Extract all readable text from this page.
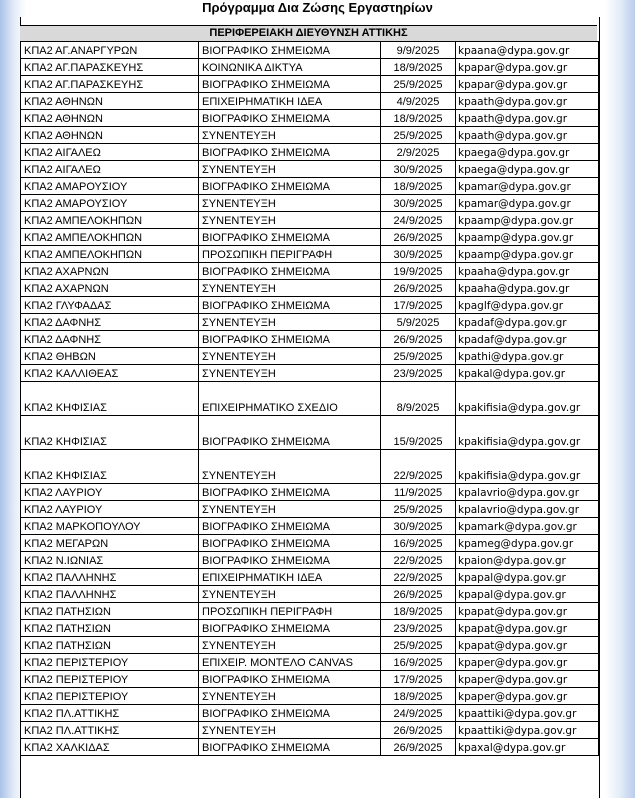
Πρόγραμμα Δια Ζώσης Εργαστηρίων
ΠΕΡΙΦΕΡΕΙΑΚΗ ΔΙΕΥΘΥΝΣΗ ΑΤΤΙΚΗΣ
ΚΠΑ2 ΑΓ.ΑΝΑΡΓΥΡΩΝ	ΒΙΟΓΡΑΦΙΚΟ ΣΗΜΕΙΩΜΑ	9/9/2025	kpaana@dypa.gov.gr
ΚΠΑ2 ΑΓ.ΠΑΡΑΣΚΕΥΗΣ	ΚΟΙΝΩΝΙΚΑ ΔΙΚΤΥΑ	18/9/2025	kpapar@dypa.gov.gr
ΚΠΑ2 ΑΓ.ΠΑΡΑΣΚΕΥΗΣ	ΒΙΟΓΡΑΦΙΚΟ ΣΗΜΕΙΩΜΑ	25/9/2025	kpapar@dypa.gov.gr
ΚΠΑ2 ΑΘΗΝΩΝ	ΕΠΙΧΕΙΡΗΜΑΤΙΚΗ ΙΔΕΑ	4/9/2025	kpaath@dypa.gov.gr
ΚΠΑ2 ΑΘΗΝΩΝ	ΒΙΟΓΡΑΦΙΚΟ ΣΗΜΕΙΩΜΑ	18/9/2025	kpaath@dypa.gov.gr
ΚΠΑ2 ΑΘΗΝΩΝ	ΣΥΝΕΝΤΕΥΞΗ	25/9/2025	kpaath@dypa.gov.gr
ΚΠΑ2 ΑΙΓΑΛΕΩ	ΒΙΟΓΡΑΦΙΚΟ ΣΗΜΕΙΩΜΑ	2/9/2025	kpaega@dypa.gov.gr
ΚΠΑ2 ΑΙΓΑΛΕΩ	ΣΥΝΕΝΤΕΥΞΗ	30/9/2025	kpaega@dypa.gov.gr
ΚΠΑ2 ΑΜΑΡΟΥΣΙΟΥ	ΒΙΟΓΡΑΦΙΚΟ ΣΗΜΕΙΩΜΑ	18/9/2025	kpamar@dypa.gov.gr
ΚΠΑ2 ΑΜΑΡΟΥΣΙΟΥ	ΣΥΝΕΝΤΕΥΞΗ	30/9/2025	kpamar@dypa.gov.gr
ΚΠΑ2 ΑΜΠΕΛΟΚΗΠΩΝ	ΣΥΝΕΝΤΕΥΞΗ	24/9/2025	kpaamp@dypa.gov.gr
ΚΠΑ2 ΑΜΠΕΛΟΚΗΠΩΝ	ΒΙΟΓΡΑΦΙΚΟ ΣΗΜΕΙΩΜΑ	26/9/2025	kpaamp@dypa.gov.gr
ΚΠΑ2 ΑΜΠΕΛΟΚΗΠΩΝ	ΠΡΟΣΩΠΙΚΗ ΠΕΡΙΓΡΑΦΗ	30/9/2025	kpaamp@dypa.gov.gr
ΚΠΑ2 ΑΧΑΡΝΩΝ	ΒΙΟΓΡΑΦΙΚΟ ΣΗΜΕΙΩΜΑ	19/9/2025	kpaaha@dypa.gov.gr
ΚΠΑ2 ΑΧΑΡΝΩΝ	ΣΥΝΕΝΤΕΥΞΗ	26/9/2025	kpaaha@dypa.gov.gr
ΚΠΑ2 ΓΛΥΦΑΔΑΣ	ΒΙΟΓΡΑΦΙΚΟ ΣΗΜΕΙΩΜΑ	17/9/2025	kpaglf@dypa.gov.gr
ΚΠΑ2 ΔΑΦΝΗΣ	ΣΥΝΕΝΤΕΥΞΗ	5/9/2025	kpadaf@dypa.gov.gr
ΚΠΑ2 ΔΑΦΝΗΣ	ΒΙΟΓΡΑΦΙΚΟ ΣΗΜΕΙΩΜΑ	26/9/2025	kpadaf@dypa.gov.gr
ΚΠΑ2 ΘΗΒΩΝ	ΣΥΝΕΝΤΕΥΞΗ	25/9/2025	kpathi@dypa.gov.gr
ΚΠΑ2 ΚΑΛΛΙΘΕΑΣ	ΣΥΝΕΝΤΕΥΞΗ	23/9/2025	kpakal@dypa.gov.gr
ΚΠΑ2 ΚΗΦΙΣΙΑΣ	ΕΠΙΧΕΙΡΗΜΑΤΙΚΟ ΣΧΕΔΙΟ	8/9/2025	kpakifisia@dypa.gov.gr
ΚΠΑ2 ΚΗΦΙΣΙΑΣ	ΒΙΟΓΡΑΦΙΚΟ ΣΗΜΕΙΩΜΑ	15/9/2025	kpakifisia@dypa.gov.gr
ΚΠΑ2 ΚΗΦΙΣΙΑΣ	ΣΥΝΕΝΤΕΥΞΗ	22/9/2025	kpakifisia@dypa.gov.gr
ΚΠΑ2 ΛΑΥΡΙΟΥ	ΒΙΟΓΡΑΦΙΚΟ ΣΗΜΕΙΩΜΑ	11/9/2025	kpalavrio@dypa.gov.gr
ΚΠΑ2 ΛΑΥΡΙΟΥ	ΣΥΝΕΝΤΕΥΞΗ	25/9/2025	kpalavrio@dypa.gov.gr
ΚΠΑ2 ΜΑΡΚΟΠΟΥΛΟΥ	ΒΙΟΓΡΑΦΙΚΟ ΣΗΜΕΙΩΜΑ	30/9/2025	kpamark@dypa.gov.gr
ΚΠΑ2 ΜΕΓΑΡΩΝ	ΒΙΟΓΡΑΦΙΚΟ ΣΗΜΕΙΩΜΑ	16/9/2025	kpameg@dypa.gov.gr
ΚΠΑ2 Ν.ΙΩΝΙΑΣ	ΒΙΟΓΡΑΦΙΚΟ ΣΗΜΕΙΩΜΑ	22/9/2025	kpaion@dypa.gov.gr
ΚΠΑ2 ΠΑΛΛΗΝΗΣ	ΕΠΙΧΕΙΡΗΜΑΤΙΚΗ ΙΔΕΑ	22/9/2025	kpapal@dypa.gov.gr
ΚΠΑ2 ΠΑΛΛΗΝΗΣ	ΣΥΝΕΝΤΕΥΞΗ	26/9/2025	kpapal@dypa.gov.gr
ΚΠΑ2 ΠΑΤΗΣΙΩΝ	ΠΡΟΣΩΠΙΚΗ ΠΕΡΙΓΡΑΦΗ	18/9/2025	kpapat@dypa.gov.gr
ΚΠΑ2 ΠΑΤΗΣΙΩΝ	ΒΙΟΓΡΑΦΙΚΟ ΣΗΜΕΙΩΜΑ	23/9/2025	kpapat@dypa.gov.gr
ΚΠΑ2 ΠΑΤΗΣΙΩΝ	ΣΥΝΕΝΤΕΥΞΗ	25/9/2025	kpapat@dypa.gov.gr
ΚΠΑ2 ΠΕΡΙΣΤΕΡΙΟΥ	ΕΠΙΧΕΙΡ. ΜΟΝΤΕΛΟ CANVAS	16/9/2025	kpaper@dypa.gov.gr
ΚΠΑ2 ΠΕΡΙΣΤΕΡΙΟΥ	ΒΙΟΓΡΑΦΙΚΟ ΣΗΜΕΙΩΜΑ	17/9/2025	kpaper@dypa.gov.gr
ΚΠΑ2 ΠΕΡΙΣΤΕΡΙΟΥ	ΣΥΝΕΝΤΕΥΞΗ	18/9/2025	kpaper@dypa.gov.gr
ΚΠΑ2 ΠΛ.ΑΤΤΙΚΗΣ	ΒΙΟΓΡΑΦΙΚΟ ΣΗΜΕΙΩΜΑ	24/9/2025	kpaattiki@dypa.gov.gr
ΚΠΑ2 ΠΛ.ΑΤΤΙΚΗΣ	ΣΥΝΕΝΤΕΥΞΗ	26/9/2025	kpaattiki@dypa.gov.gr
ΚΠΑ2 ΧΑΛΚΙΔΑΣ	ΒΙΟΓΡΑΦΙΚΟ ΣΗΜΕΙΩΜΑ	26/9/2025	kpaxal@dypa.gov.gr
